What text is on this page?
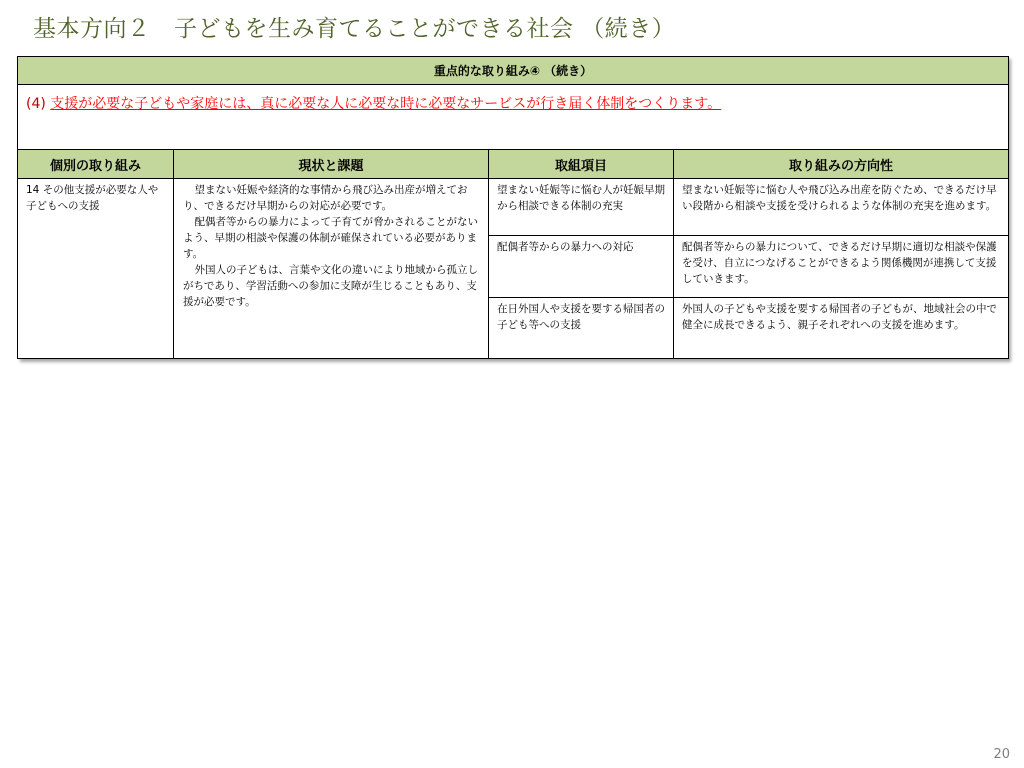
基本方向２　子どもを生み育てることができる社会 （続き）
重点的な取り組み④ （続き）			
(4) 支援が必要な子どもや家庭には、真に必要な人に必要な時に必要なサービスが行き届く体制をつくります。			
個別の取り組み	現状と課題	取組項目	取り組みの方向性
14 その他支援が必要な人や子どもへの支援	望まない妊娠や経済的な事情から飛び込み出産が増えており、できるだけ早期からの対応が必要です。

配偶者等からの暴力によって子育てが脅かされることがないよう、早期の相談や保護の体制が確保されている必要があります。

外国人の子どもは、言葉や文化の違いにより地域から孤立しがちであり、学習活動への参加に支障が生じることもあり、支援が必要です。	望まない妊娠等に悩む人が妊娠早期から相談できる体制の充実	望まない妊娠等に悩む人や飛び込み出産を防ぐため、できるだけ早い段階から相談や支援を受けられるような体制の充実を進めます。
		配偶者等からの暴力への対応	配偶者等からの暴力について、できるだけ早期に適切な相談や保護を受け、自立につなげることができるよう関係機関が連携して支援していきます。
		在日外国人や支援を要する帰国者の子ども等への支援	外国人の子どもや支援を要する帰国者の子どもが、地域社会の中で健全に成長できるよう、親子それぞれへの支援を進めます。
20
